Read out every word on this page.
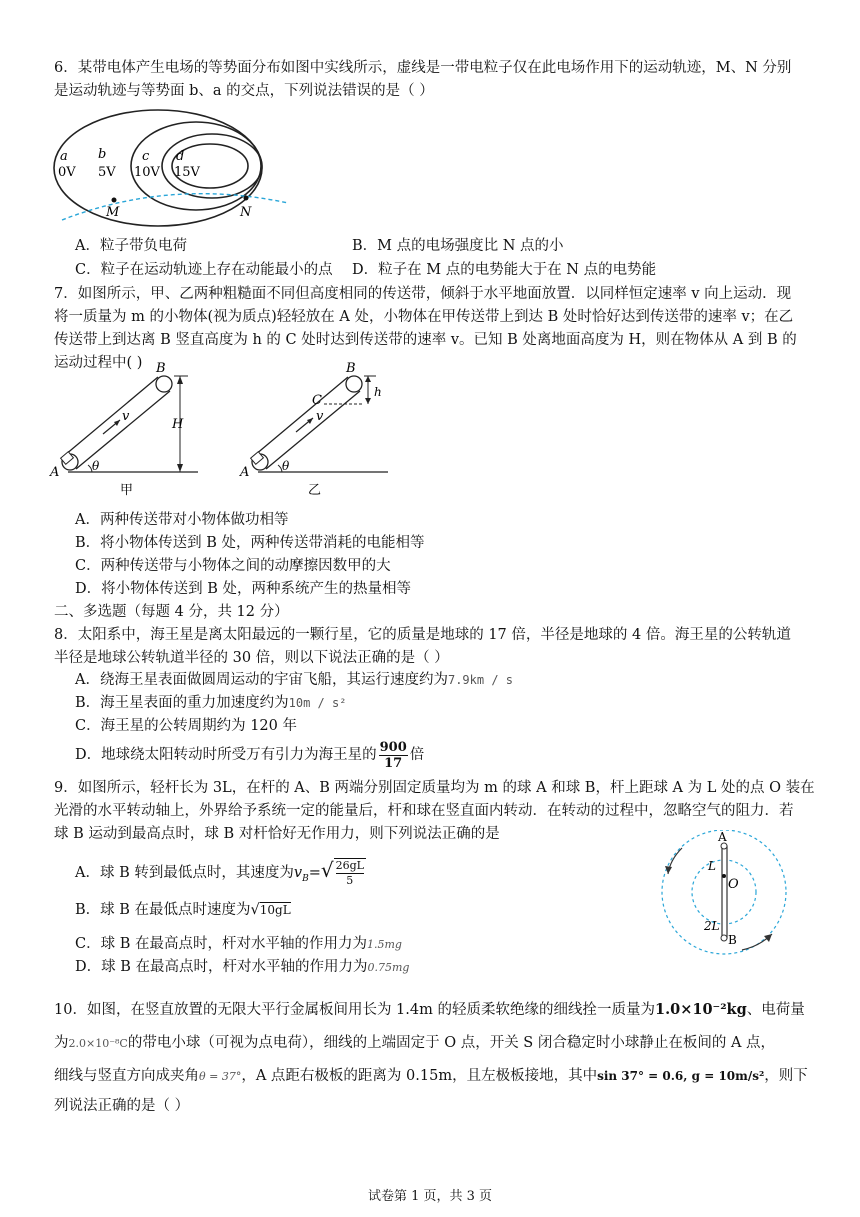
6．某带电体产生电场的等势面分布如图中实线所示，虚线是一带电粒子仅在此电场作用下的运动轨迹，M、N 分别
是运动轨迹与等势面 b、a 的交点，下列说法错误的是（ ）
a
0V
b
5V
c
10V
d
15V
M	N
A．粒子带负电荷	B．M 点的电场强度比 N 点的小
C．粒子在运动轨迹上存在动能最小的点 D．粒子在 M 点的电势能大于在 N 点的电势能
7．如图所示，甲、乙两种粗糙面不同但高度相同的传送带，倾斜于水平地面放置．以同样恒定速率 v 向上运动．现
将一质量为 m 的小物体(视为质点)轻轻放在 A 处，小物体在甲传送带上到达 B 处时恰好达到传送带的速率 v；在乙
传送带上到达离 B 竖直高度为 h 的 C 处时达到传送带的速率 v。已知 B 处离地面高度为 H，则在物体从 A 到 B 的
运动过程中( )
A
B
v
H
θ
甲
A
B
C
v
h
θ
乙
A．两种传送带对小物体做功相等
B．将小物体传送到 B 处，两种传送带消耗的电能相等
C．两种传送带与小物体之间的动摩擦因数甲的大
D．将小物体传送到 B 处，两种系统产生的热量相等
二、多选题（每题 4 分，共 12 分）
8．太阳系中，海王星是离太阳最远的一颗行星，它的质量是地球的 17 倍，半径是地球的 4 倍。海王星的公转轨道
半径是地球公转轨道半径的 30 倍，则以下说法正确的是（ ）
A．绕海王星表面做圆周运动的宇宙飞船，其运行速度约为7.9km / s
B．海王星表面的重力加速度约为10m / s²
C．海王星的公转周期约为 120 年
D．地球绕太阳转动时所受万有引力为海王星的 $\frac{900}{17}$ 倍
9．如图所示，轻杆长为 3L，在杆的 A、B 两端分别固定质量均为 m 的球 A 和球 B，杆上距球 A 为 L 处的点 O 装在
光滑的水平转动轴上，外界给予系统一定的能量后，杆和球在竖直面内转动．在转动的过程中，忽略空气的阻力．若
球 B 运动到最高点时，球 B 对杆恰好无作用力，则下列说法正确的是
A．球 B 转到最低点时，其速度为$v_B=√ \frac{26gL}{5}$
B．球 B 在最低点时速度为√10gL
C．球 B 在最高点时，杆对水平轴的作用力为1.5mg
D．球 B 在最高点时，杆对水平轴的作用力为0.75mg
A
L
O
2L
B
10．如图，在竖直放置的无限大平行金属板间用长为 1.4m 的轻质柔软绝缘的细线拴一质量为1.0×10⁻²kg、电荷量
为2.0×10⁻⁸C的带电小球（可视为点电荷），细线的上端固定于 O 点，开关 S 闭合稳定时小球静止在板间的 A 点，
细线与竖直方向成夹角θ = 37°，A 点距右极板的距离为 0.15m，且左极板接地，其中sin 37° = 0.6, g = 10m/s²，则下
列说法正确的是（ ）
试卷第 1 页，共 3 页
